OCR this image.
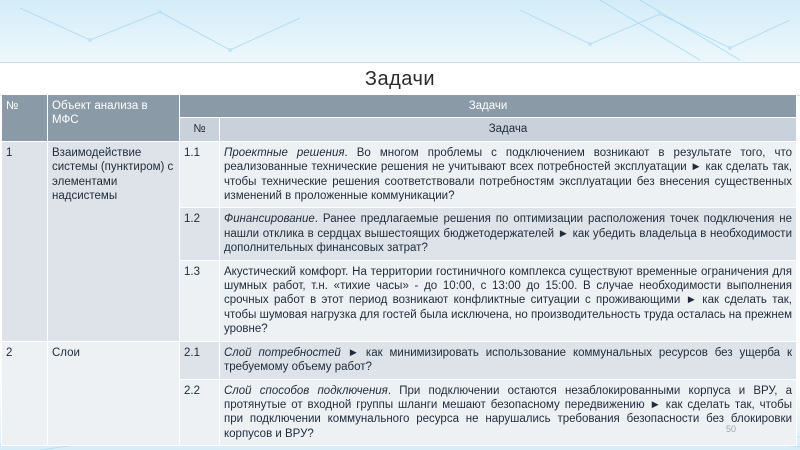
Задачи
№	Объект анализа в МФС	Задачи	
		№	Задача
1	Взаимодействие системы (пунктиром) с элементами надсистемы	1.1	Проектные решения. Во многом проблемы с подключением возникают в результате того, что реализованные технические решения не учитывают всех потребностей эксплуатации ► как сделать так, чтобы технические решения соответствовали потребностям эксплуатации без внесения существенных изменений в проложенные коммуникации?
		1.2	Финансирование. Ранее предлагаемые решения по оптимизации расположения точек подключения не нашли отклика в сердцах вышестоящих бюджетодержателей ► как убедить владельца в необходимости дополнительных финансовых затрат?
		1.3	Акустический комфорт. На территории гостиничного комплекса существуют временные ограничения для шумных работ, т.н. «тихие часы» - до 10:00, с 13:00 до 15:00. В случае необходимости выполнения срочных работ в этот период возникают конфликтные ситуации с проживающими ► как сделать так, чтобы шумовая нагрузка для гостей была исключена, но производительность труда осталась на прежнем уровне?
2	Слои	2.1	Слой потребностей ► как минимизировать использование коммунальных ресурсов без ущерба к требуемому объему работ?
		2.2	Слой способов подключения. При подключении остаются незаблокированными корпуса и ВРУ, а протянутые от входной группы шланги мешают безопасному передвижению ► как сделать так, чтобы при подключении коммунального ресурса не нарушались требования безопасности без блокировки корпусов и ВРУ?	50
